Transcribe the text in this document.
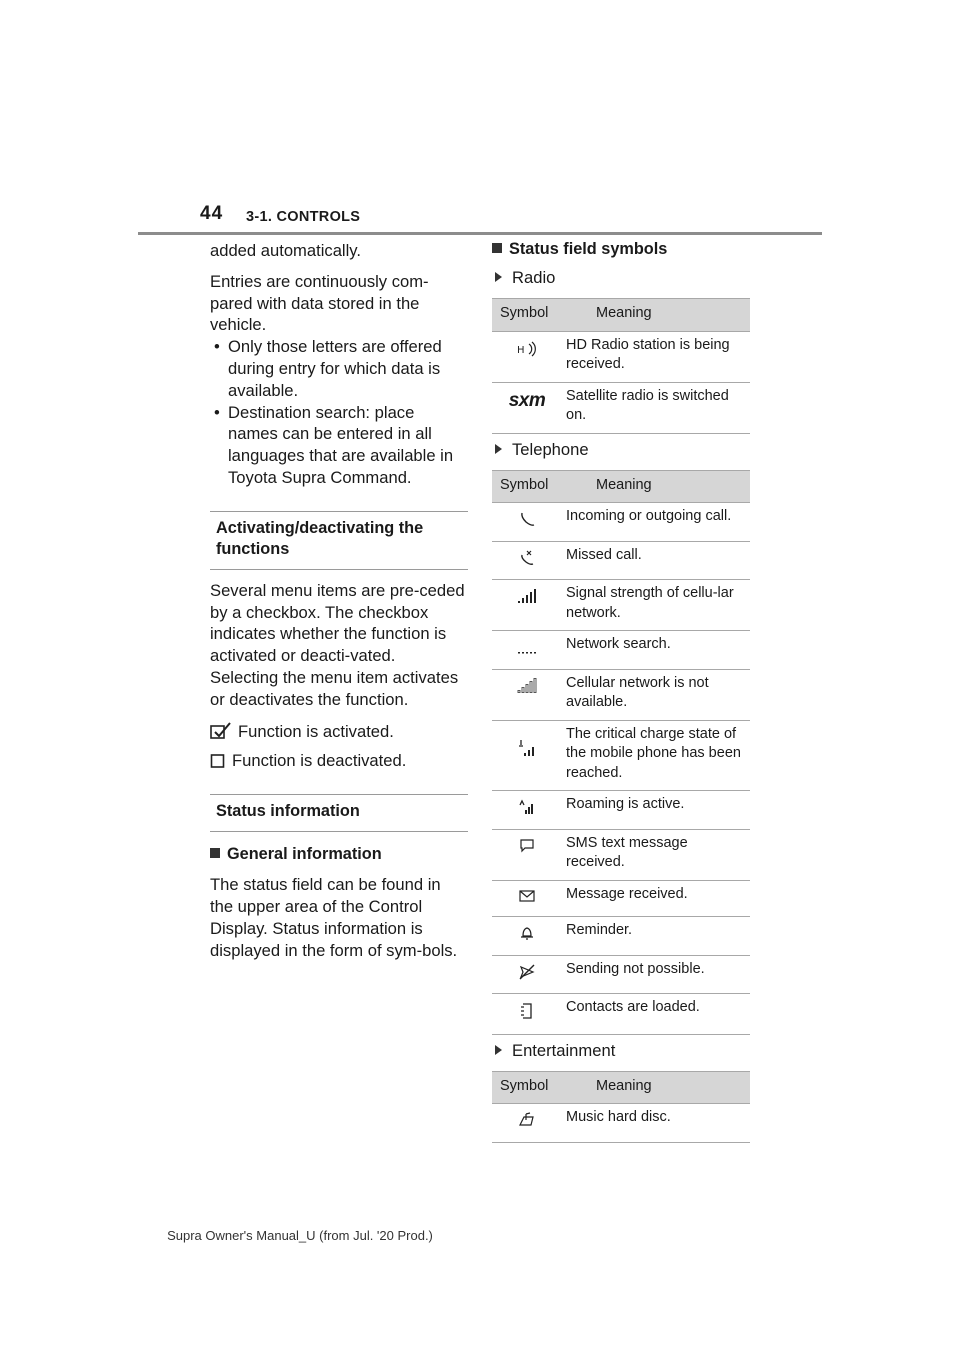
44 3-1. CONTROLS

added automatically.

Entries are continuously com-pared with data stored in the vehicle.

• Only those letters are offered during entry for which data is available.
• Destination search: place names can be entered in all languages that are available in Toyota Supra Command.
Activating/deactivating the functions

Several menu items are pre-ceded by a checkbox. The checkbox indicates whether the function is activated or deacti-vated. Selecting the menu item activates or deactivates the function.

Function is activated.
Function is deactivated.
Status information
General information

The status field can be found in the upper area of the Control Display. Status information is displayed in the form of sym-bols.

Status field symbols
Radio
Symbol	Meaning

H	HD Radio station is being received.
sxm	Satellite radio is switched on.
Telephone
Symbol	Meaning
	Incoming or outgoing call.
	Missed call.
	Signal strength of cellu-lar network.
	Network search.
	Cellular network is not available.
	The critical charge state of the mobile phone has been reached.
	Roaming is active.
	SMS text message received.
	Message received.
	Reminder.
	Sending not possible.
	Contacts are loaded.
Entertainment
Symbol	Meaning
	Music hard disc.
Supra Owner's Manual_U (from Jul. '20 Prod.)
